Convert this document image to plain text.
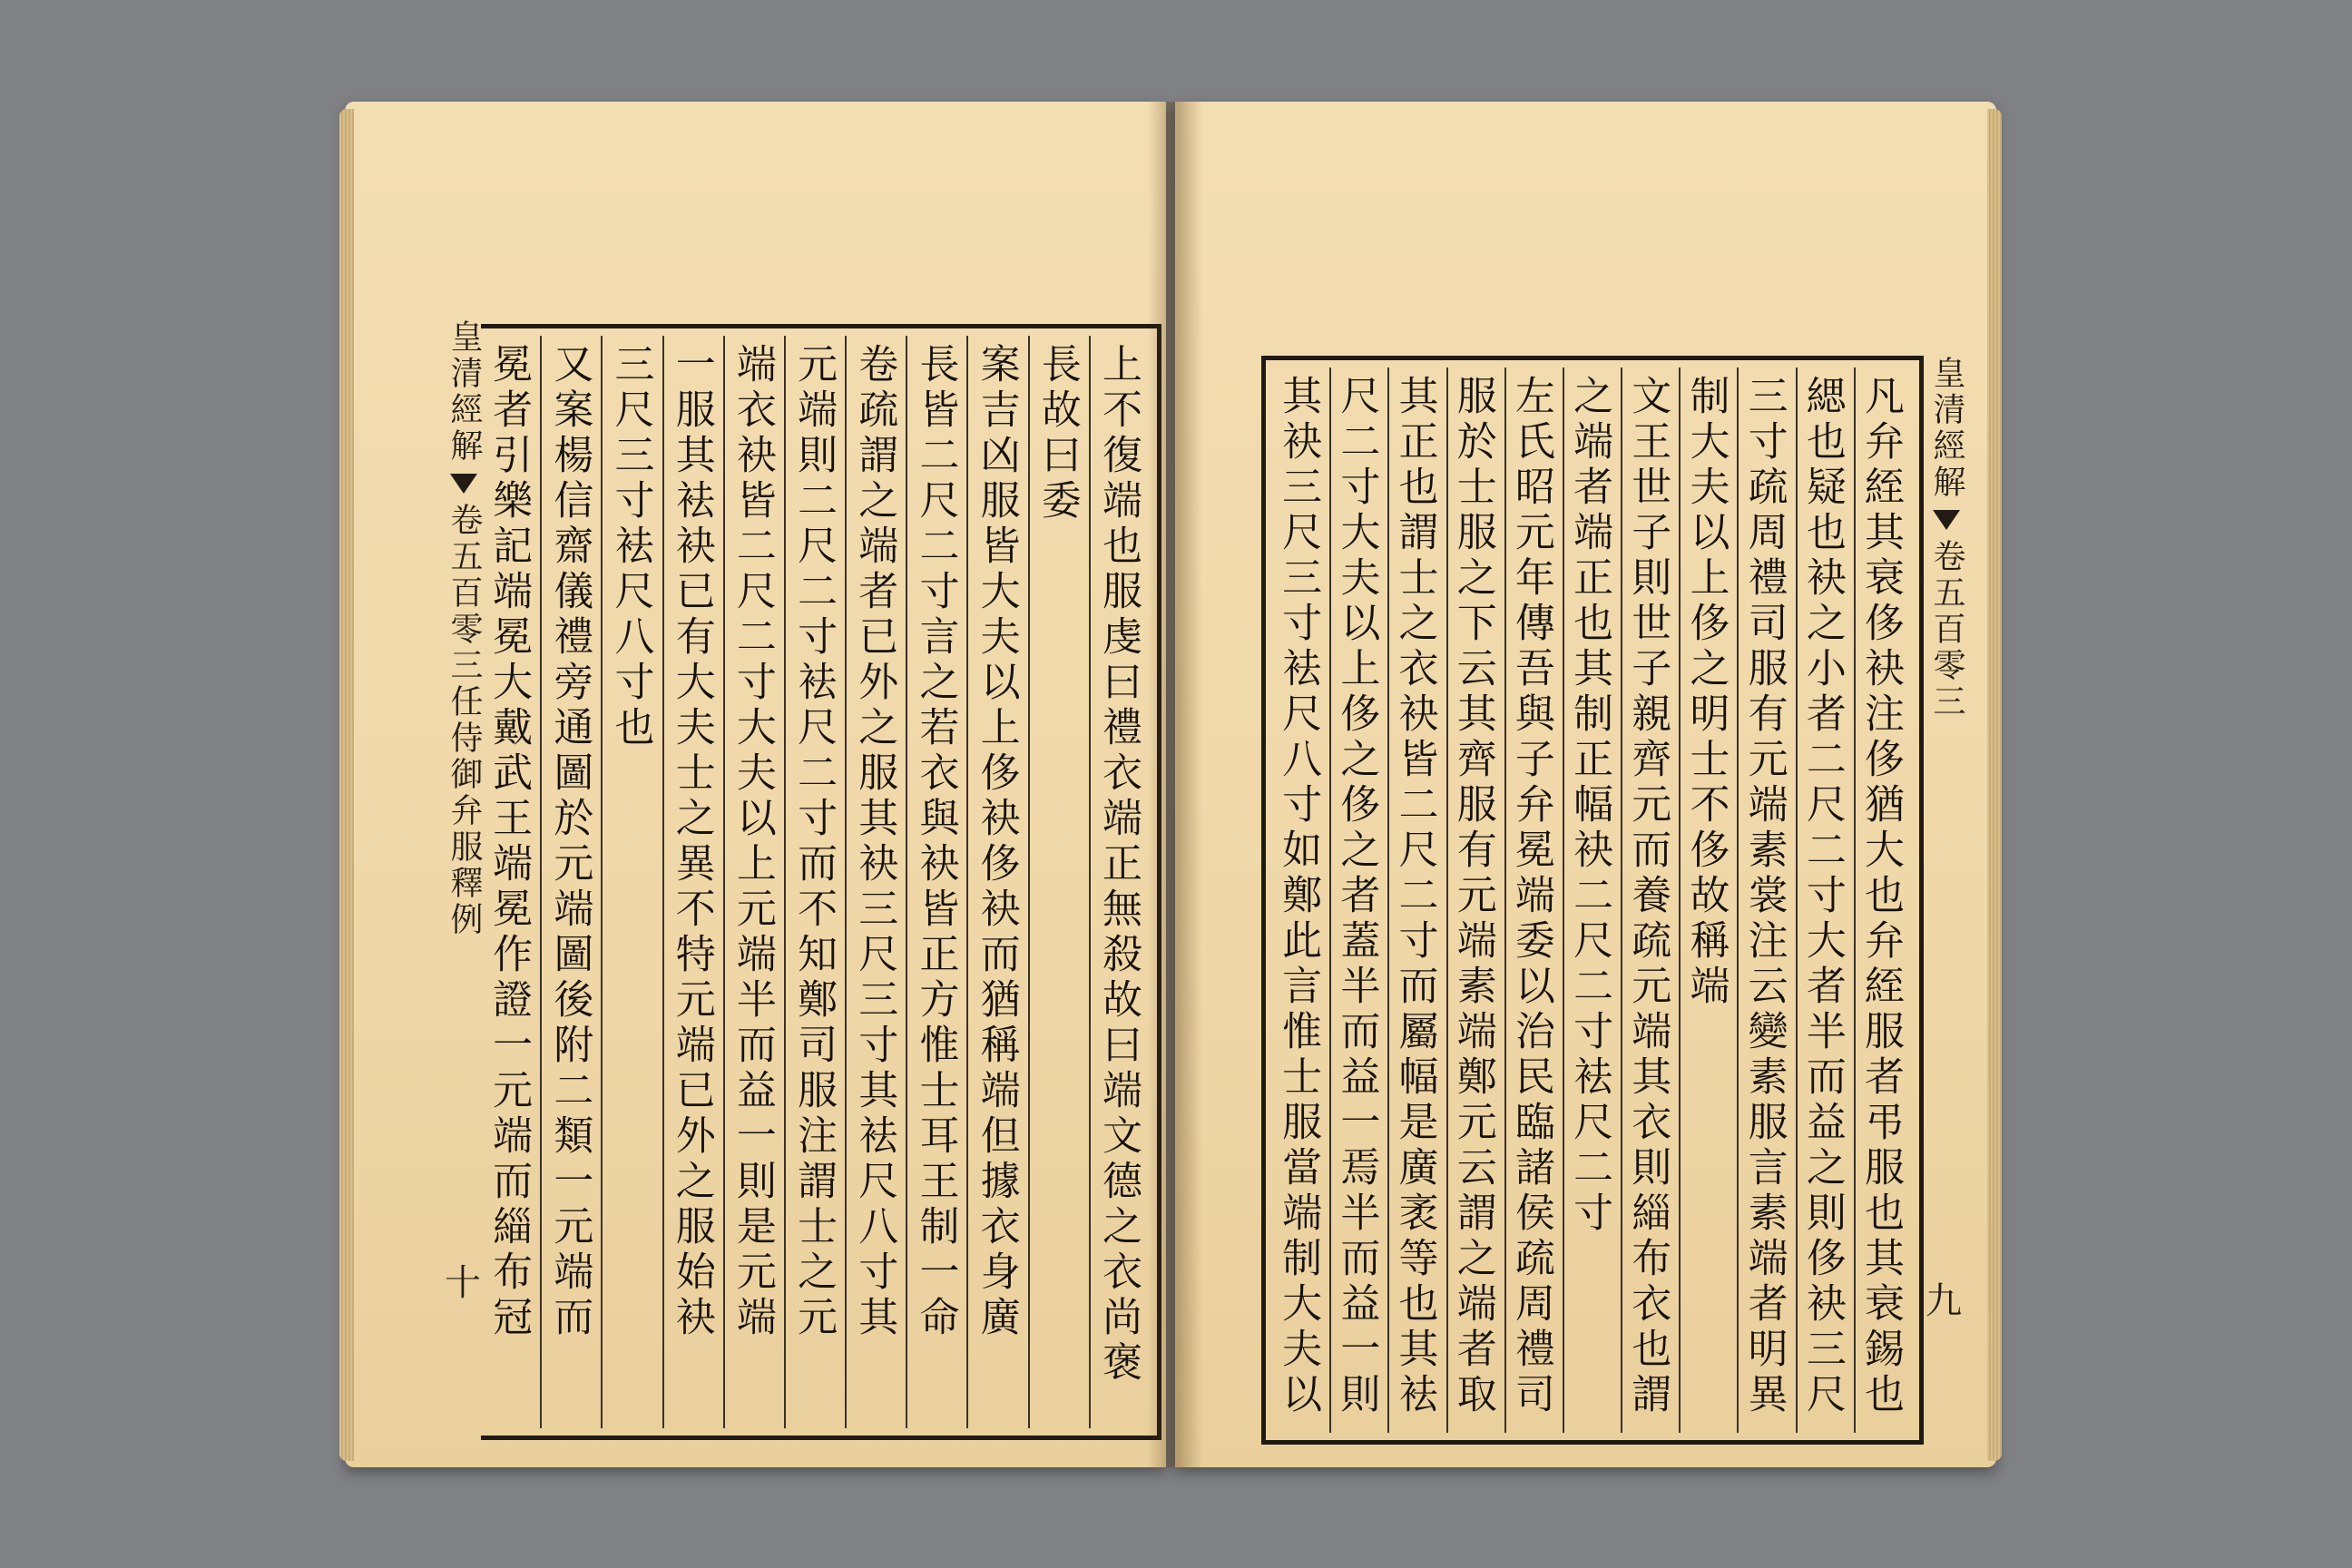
皇清經解卷五百零三任侍御弁服釋例
十	上不復端也服虔曰禮衣端正無殺故曰端文德之衣尚褒
長故曰委
案吉凶服皆大夫以上侈袂侈袂而猶稱端但據衣身廣
長皆二尺二寸言之若衣與袂皆正方惟士耳王制一命
卷疏謂之端者已外之服其袂三尺三寸其袪尺八寸其
元端則二尺二寸袪尺二寸而不知鄭司服注謂士之元
端衣袂皆二尺二寸大夫以上元端半而益一則是元端
一服其袪袂已有大夫士之異不特元端已外之服始袂
三尺三寸袪尺八寸也
又案楊信齋儀禮旁通圖於元端圖後附二類一元端而
冕者引樂記端冕大戴武王端冕作證一元端而緇布冠	凡弁絰其衰侈袂注侈猶大也弁絰服者弔服也其衰錫也
緦也疑也袂之小者二尺二寸大者半而益之則侈袂三尺
三寸疏周禮司服有元端素裳注云變素服言素端者明異
制大夫以上侈之明士不侈故稱端
文王世子則世子親齊元而養疏元端其衣則緇布衣也謂
之端者端正也其制正幅袂二尺二寸袪尺二寸
左氏昭元年傳吾與子弁冕端委以治民臨諸侯疏周禮司
服於士服之下云其齊服有元端素端鄭元云謂之端者取
其正也謂士之衣袂皆二尺二寸而屬幅是廣袤等也其袪
尺二寸大夫以上侈之侈之者蓋半而益一焉半而益一則
其袂三尺三寸袪尺八寸如鄭此言惟士服當端制大夫以	皇清經解卷五百零三
九
